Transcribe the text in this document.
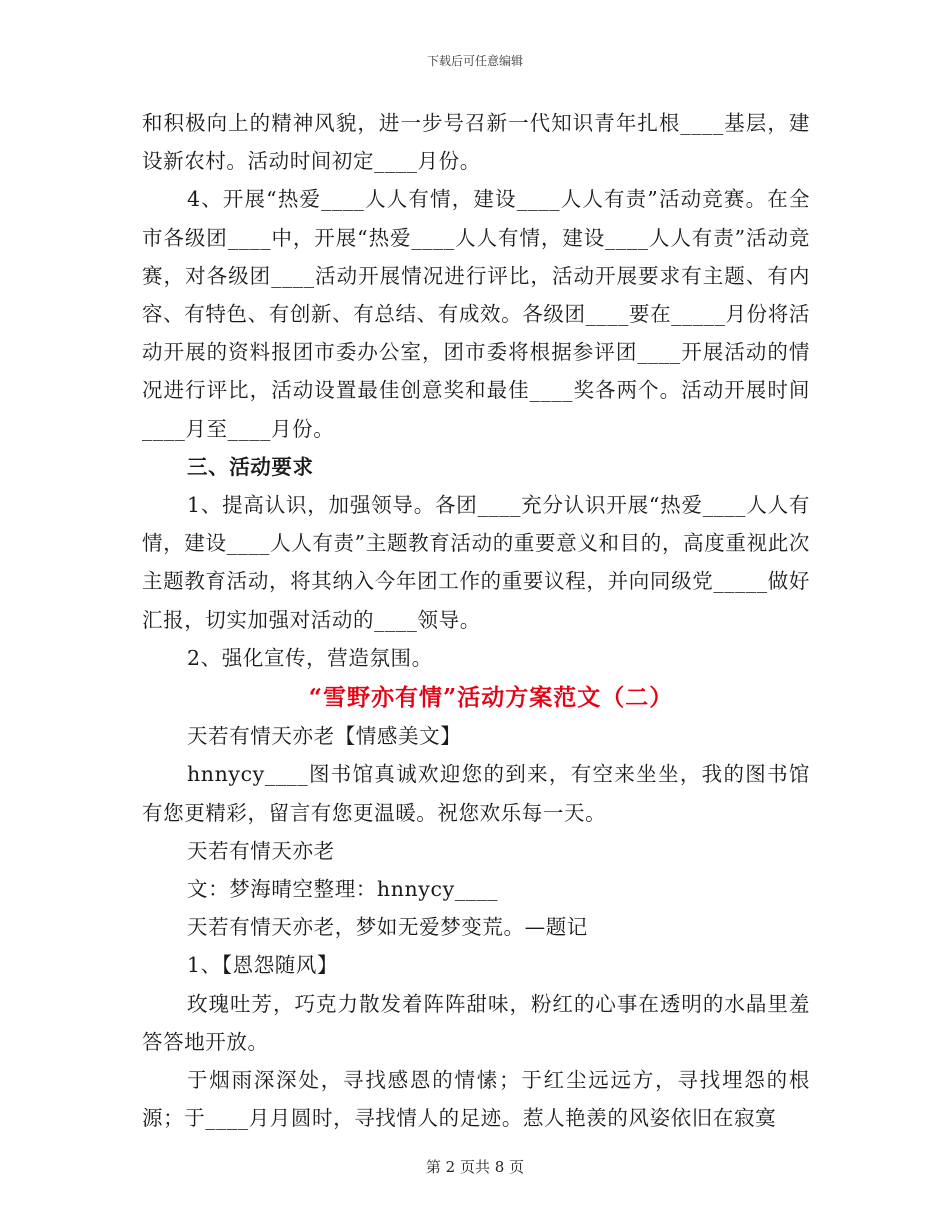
下载后可任意编辑

和积极向上的精神风貌，进一步号召新一代知识青年扎根____基层，建设新农村。活动时间初定____月份。

4、开展“热爱____人人有情，建设____人人有责”活动竞赛。在全市各级团____中，开展“热爱____人人有情，建设____人人有责”活动竞赛，对各级团____活动开展情况进行评比，活动开展要求有主题、有内容、有特色、有创新、有总结、有成效。各级团____要在_____月份将活动开展的资料报团市委办公室，团市委将根据参评团____开展活动的情况进行评比，活动设置最佳创意奖和最佳____奖各两个。活动开展时间____月至____月份。

三、活动要求

1、提高认识，加强领导。各团____充分认识开展“热爱____人人有情，建设____人人有责”主题教育活动的重要意义和目的，高度重视此次主题教育活动，将其纳入今年团工作的重要议程，并向同级党_____做好汇报，切实加强对活动的____领导。

2、强化宣传，营造氛围。

“雪野亦有情”活动方案范文（二）

天若有情天亦老【情感美文】

hnnycy____图书馆真诚欢迎您的到来，有空来坐坐，我的图书馆有您更精彩，留言有您更温暖。祝您欢乐每一天。

天若有情天亦老

文：梦海晴空整理：hnnycy____

天若有情天亦老，梦如无爱梦变荒。—题记

1、【恩怨随风】

玫瑰吐芳，巧克力散发着阵阵甜味，粉红的心事在透明的水晶里羞答答地开放。

于烟雨深深处，寻找感恩的情愫；于红尘远远方，寻找埋怨的根源；于____月月圆时，寻找情人的足迹。惹人艳羡的风姿依旧在寂寞

第 2 页共 8 页
